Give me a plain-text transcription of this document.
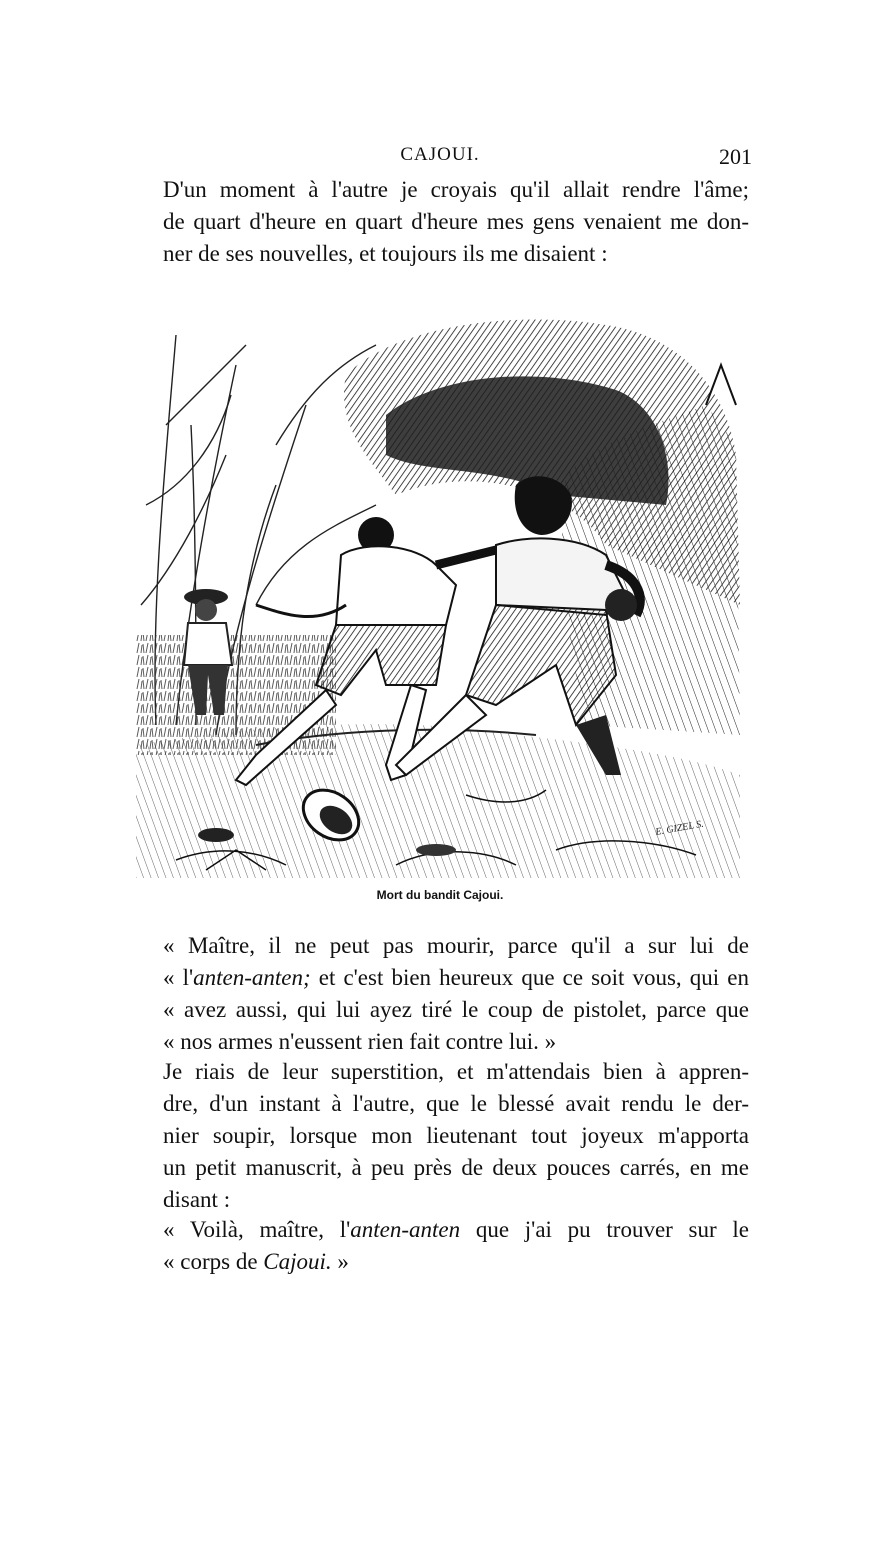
CAJOUI.	201

D'un moment à l'autre je croyais qu'il allait rendre l'âme;
de quart d'heure en quart d'heure mes gens venaient me don-
ner de ses nouvelles, et toujours ils me disaient :

E. GIZEL S.
Mort du bandit Cajoui.

« Maître, il ne peut pas mourir, parce qu'il a sur lui de
« l'anten-anten; et c'est bien heureux que ce soit vous, qui en
« avez aussi, qui lui ayez tiré le coup de pistolet, parce que
« nos armes n'eussent rien fait contre lui. »

Je riais de leur superstition, et m'attendais bien à appren-
dre, d'un instant à l'autre, que le blessé avait rendu le der-
nier soupir, lorsque mon lieutenant tout joyeux m'apporta
un petit manuscrit, à peu près de deux pouces carrés, en me
disant :

« Voilà, maître, l'anten-anten que j'ai pu trouver sur le
« corps de Cajoui. »
